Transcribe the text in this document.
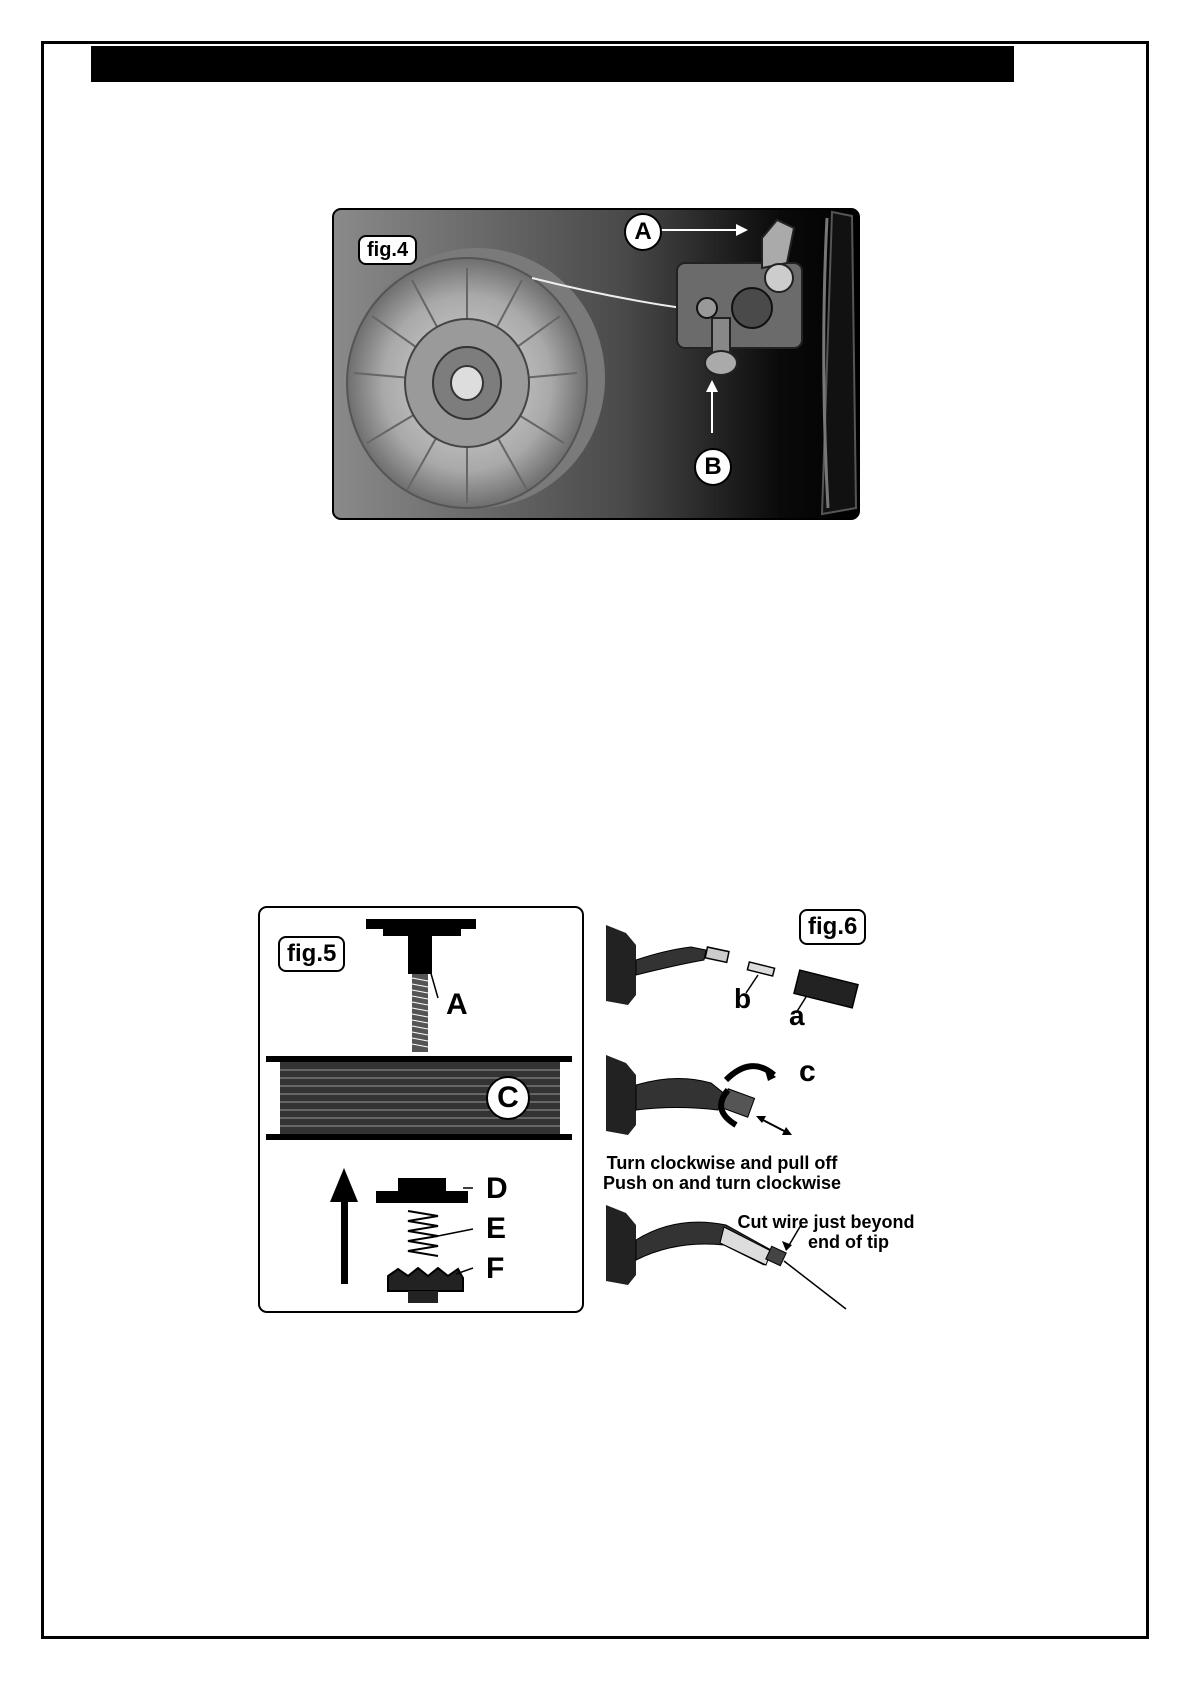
fig.4
A
B
fig.5
A
C
D
E
F
fig.6
b
a
c
Turn clockwise and pull off
Push on and turn clockwise
Cut wire just beyond
end of tip
